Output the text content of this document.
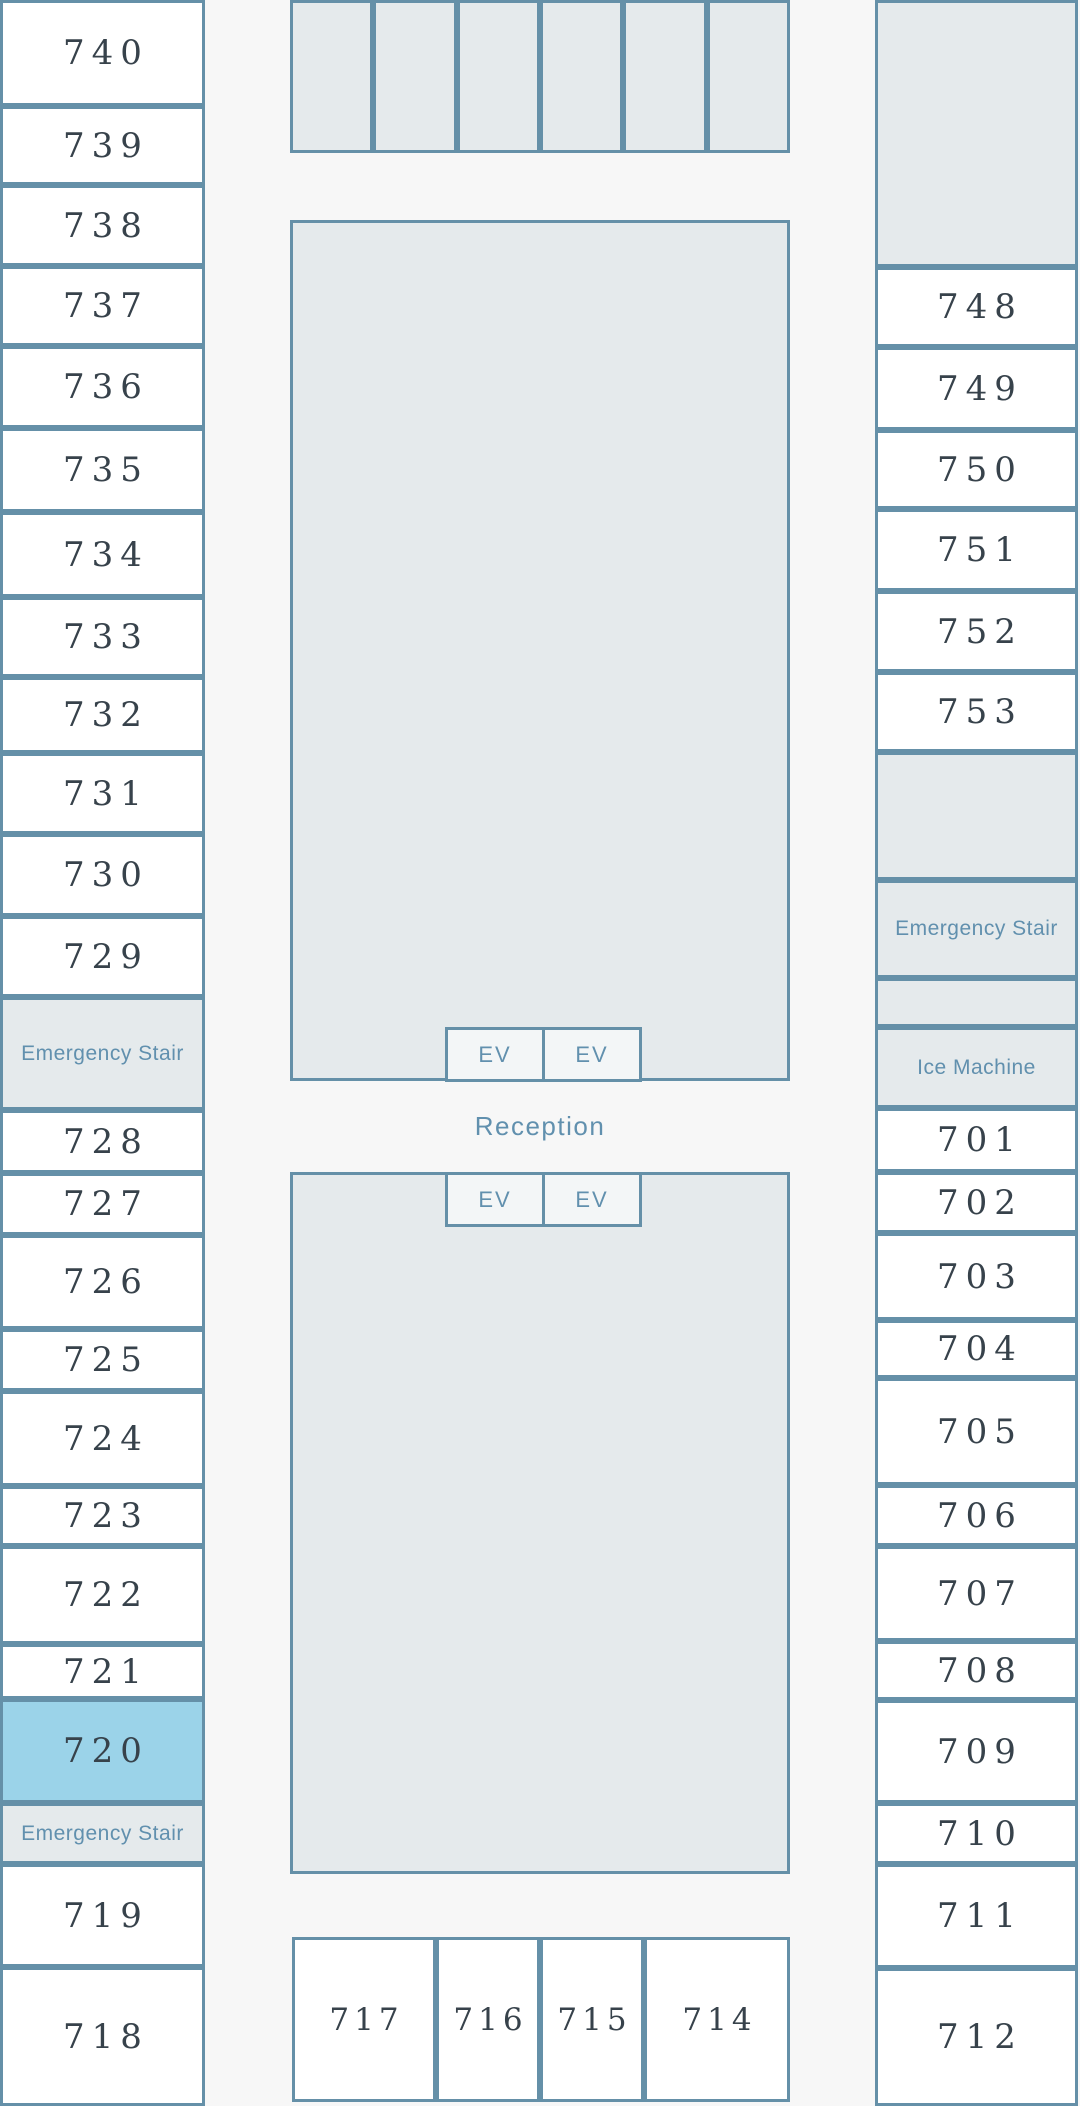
740
739
738
737
736
735
734
733
732
731
730
729
Emergency Stair
728
727
726
725
724
723
722
721
720
Emergency Stair
719
718
EV	EV
Reception
EV	EV
717 716 715 714
748
749
750
751
752
753
Emergency Stair
Ice Machine
701
702
703
704
705
706
707
708
709
710
711
712
